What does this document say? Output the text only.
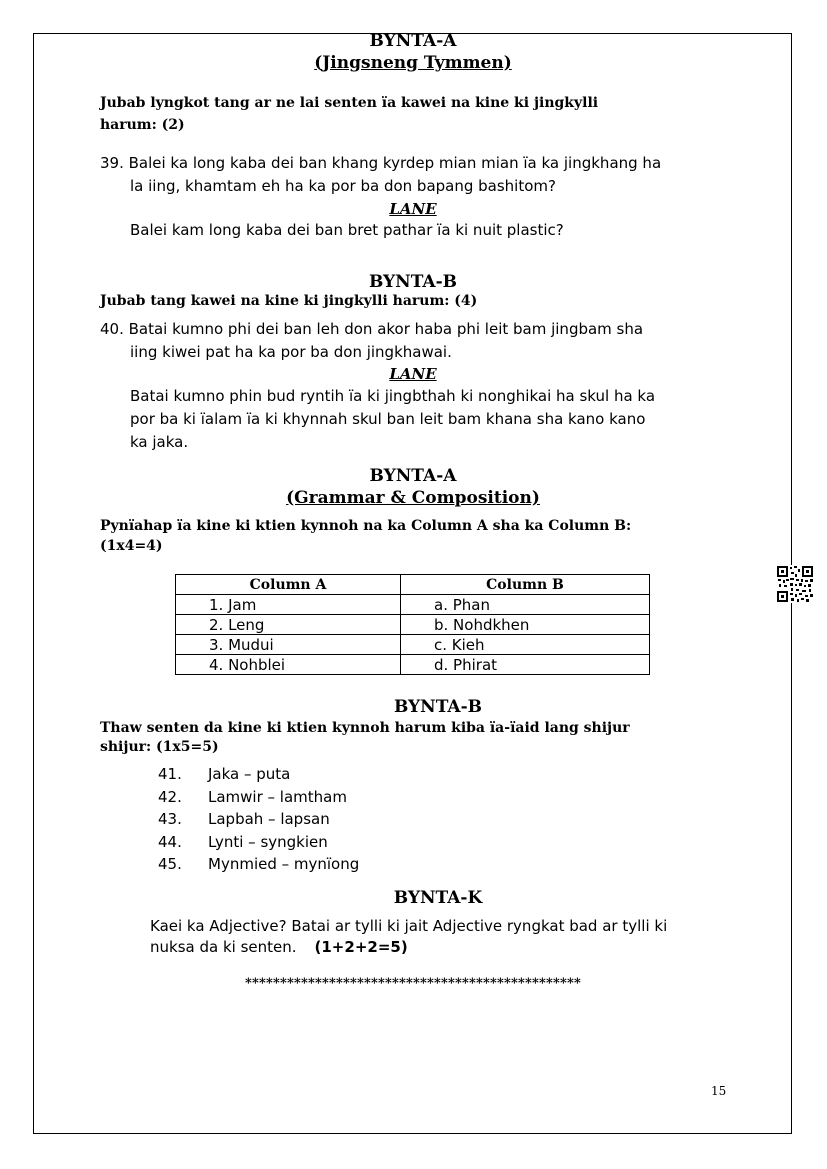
BYNTA-A
(Jingsneng Tymmen)
Jubab lyngkot tang ar ne lai senten ïa kawei na kine ki jingkylli
harum: (2)
39. Balei ka long kaba dei ban khang kyrdep mian mian ïa ka jingkhang ha
la iing, khamtam eh ha ka por ba don bapang bashitom?
LANE
Balei kam long kaba dei ban bret pathar ïa ki nuit plastic?
BYNTA-B
Jubab tang kawei na kine ki jingkylli harum: (4)
40. Batai kumno phi dei ban leh don akor haba phi leit bam jingbam sha
iing kiwei pat ha ka por ba don jingkhawai.
LANE
Batai kumno phin bud ryntih ïa ki jingbthah ki nonghikai ha skul ha ka
por ba ki ïalam ïa ki khynnah skul ban leit bam khana sha kano kano
ka jaka.
BYNTA-A
(Grammar & Composition)
Pynïahap ïa kine ki ktien kynnoh na ka Column A sha ka Column B:
(1x4=4)
Column A	Column B
1. Jam	a. Phan
2. Leng	b. Nohdkhen
3. Mudui	c. Kieh
4. Nohblei	d. Phirat
BYNTA-B
Thaw senten da kine ki ktien kynnoh harum kiba ïa-ïaid lang shijur
shijur: (1x5=5)
41. Jaka – puta
42. Lamwir – lamtham
43. Lapbah – lapsan
44. Lynti – syngkien
45. Mynmied – mynïong
BYNTA-K
Kaei ka Adjective? Batai ar tylli ki jait Adjective ryngkat bad ar tylli ki
nuksa da ki senten. (1+2+2=5)
************************************************
15
